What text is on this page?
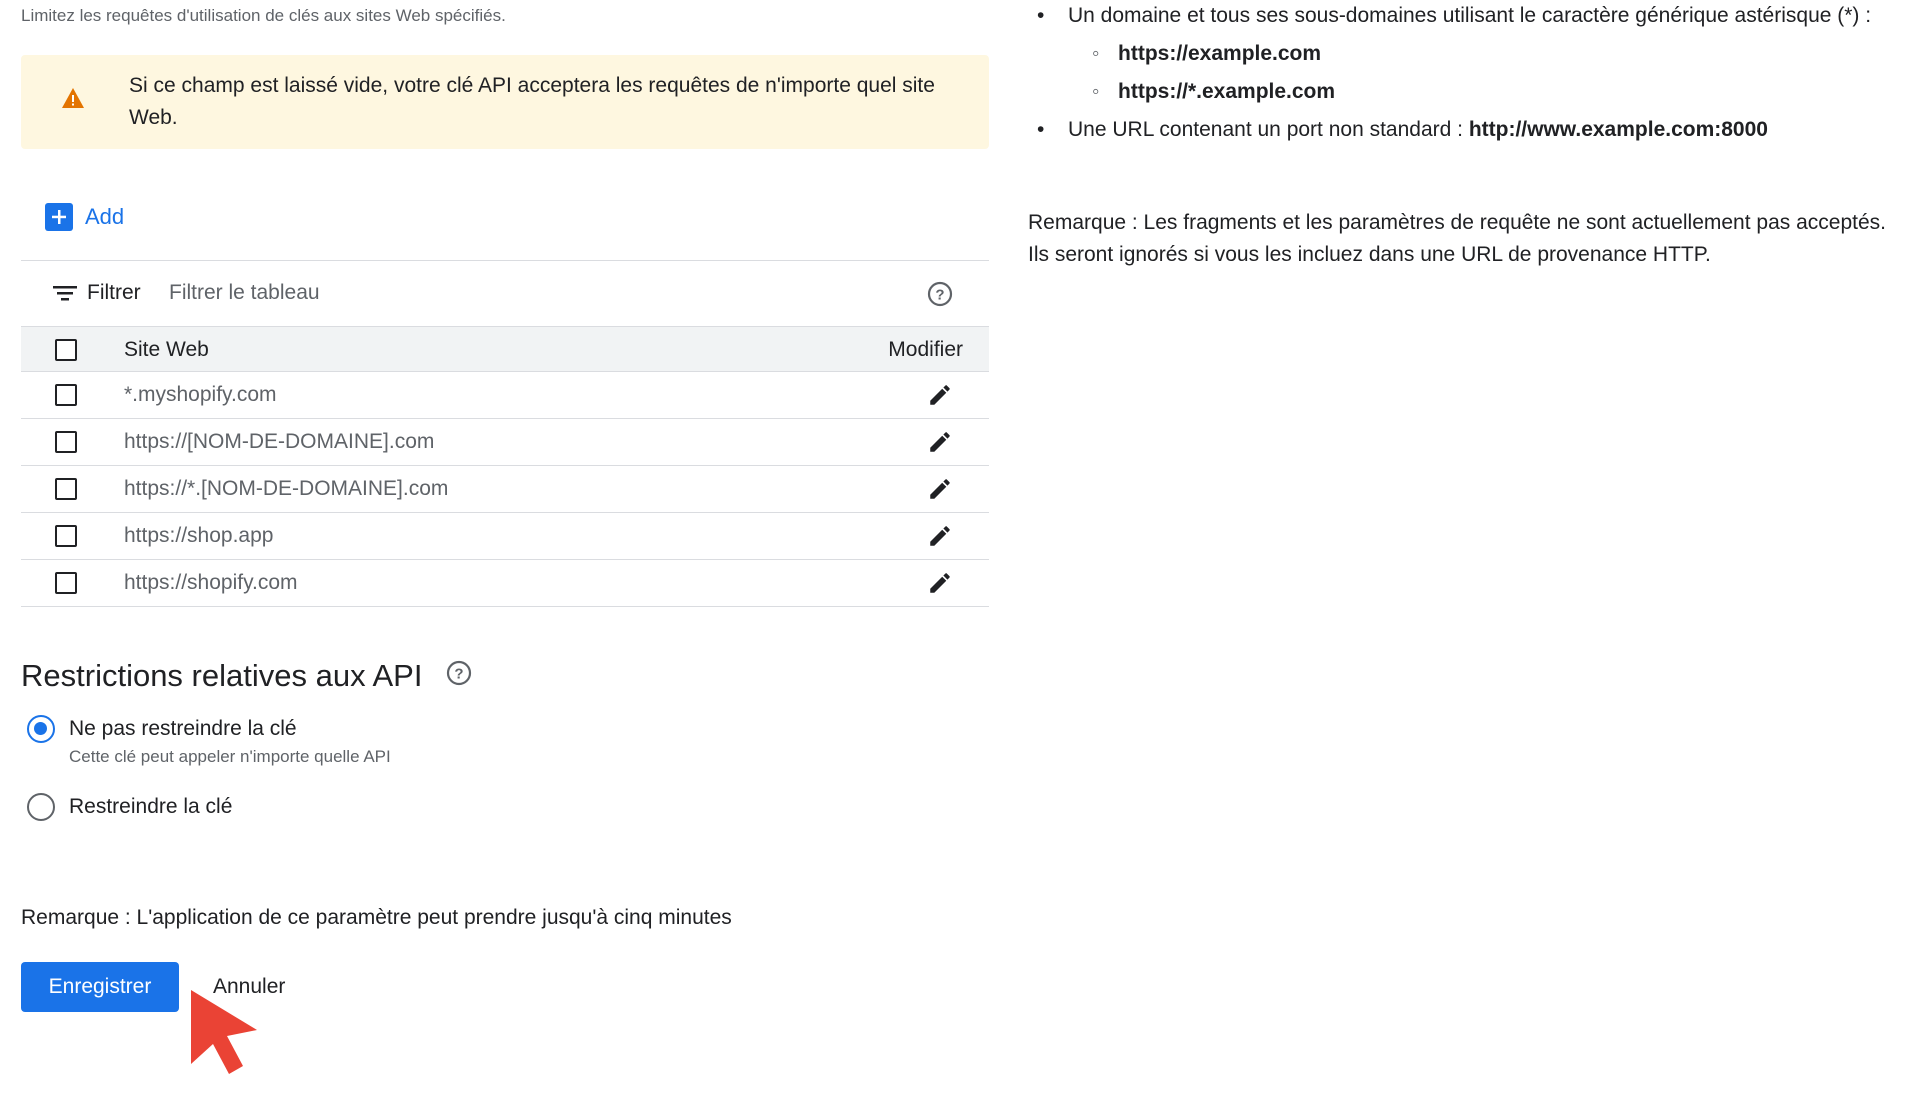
Limitez les requêtes d'utilisation de clés aux sites Web spécifiés.
Si ce champ est laissé vide, votre clé API acceptera les requêtes de n'importe quel site Web.
Add
Filtrer
Filtrer le tableau	?
Site Web	Modifier
*.myshopify.com
https://[NOM-DE-DOMAINE].com
https://*.[NOM-DE-DOMAINE].com
https://shop.app
https://shopify.com
Restrictions relatives aux API ?
Ne pas restreindre la clé
Cette clé peut appeler n'importe quelle API
Restreindre la clé
Remarque : L'application de ce paramètre peut prendre jusqu'à cinq minutes
Enregistrer	Annuler
• Un domaine et tous ses sous-domaines utilisant le caractère générique astérisque (*) :
◦ https://example.com
◦ https://*.example.com
• Une URL contenant un port non standard : http://www.example.com:8000
Remarque : Les fragments et les paramètres de requête ne sont actuellement pas acceptés. Ils seront ignorés si vous les incluez dans une URL de provenance HTTP.
